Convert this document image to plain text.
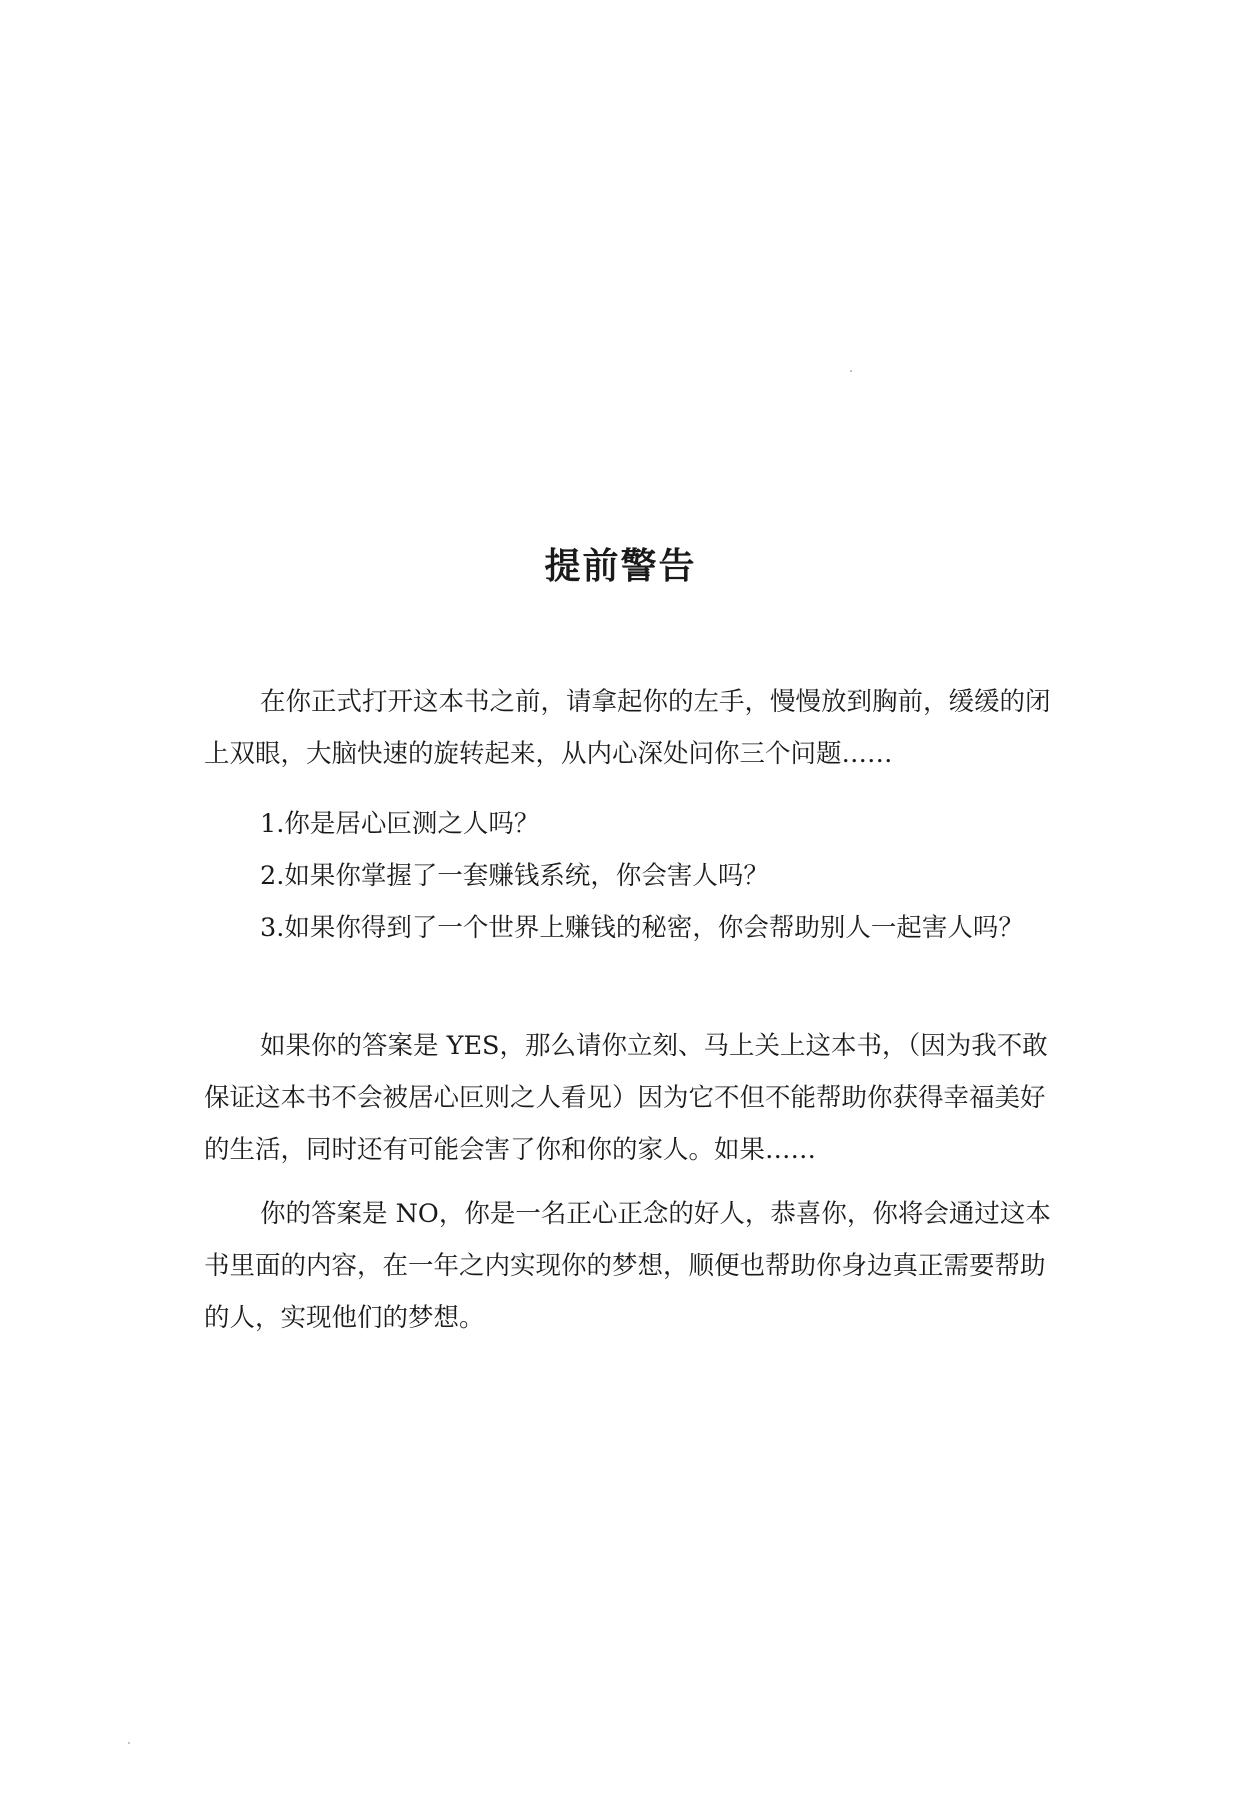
提前警告

在你正式打开这本书之前，请拿起你的左手，慢慢放到胸前，缓缓的闭上双眼，大脑快速的旋转起来，从内心深处问你三个问题……

1.你是居心叵测之人吗？

2.如果你掌握了一套赚钱系统，你会害人吗？

3.如果你得到了一个世界上赚钱的秘密，你会帮助别人一起害人吗？

如果你的答案是 YES，那么请你立刻、马上关上这本书，（因为我不敢保证这本书不会被居心叵则之人看见）因为它不但不能帮助你获得幸福美好的生活，同时还有可能会害了你和你的家人。如果……

你的答案是 NO，你是一名正心正念的好人，恭喜你，你将会通过这本书里面的内容，在一年之内实现你的梦想，顺便也帮助你身边真正需要帮助的人，实现他们的梦想。
